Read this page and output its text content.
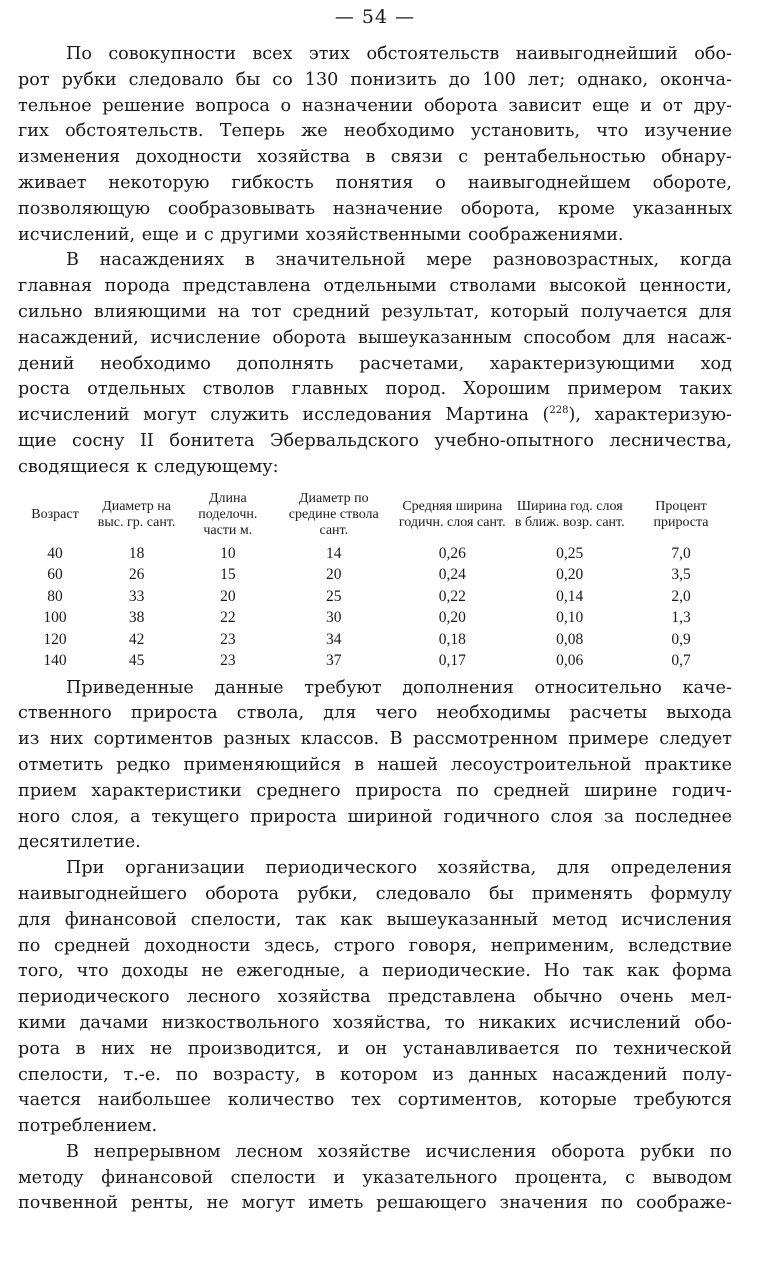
— 54 —

По совокупности всех этих обстоятельств наивыгоднейший обо-
рот рубки следовало бы со 130 понизить до 100 лет; однако, оконча-
тельное решение вопроса о назначении оборота зависит еще и от дру-
гих обстоятельств. Теперь же необходимо установить, что изучение
изменения доходности хозяйства в связи с рентабельностью обнару-
живает некоторую гибкость понятия о наивыгоднейшем обороте,
позволяющую сообразовывать назначение оборота, кроме указанных
исчислений, еще и с другими хозяйственными соображениями.

В насаждениях в значительной мере разновозрастных, когда
главная порода представлена отдельными стволами высокой ценности,
сильно влияющими на тот средний результат, который получается для
насаждений, исчисление оборота вышеуказанным способом для насаж-
дений необходимо дополнять расчетами, характеризующими ход
роста отдельных стволов главных пород. Хорошим примером таких
исчислений могут служить исследования Мартина ($^{228}$), характеризую-
щие сосну II бонитета Эбервальдского учебно-опытного лесничества,
сводящиеся к следующему:

Возраст	Диаметр на выс. гр. сант.	Длина поделочн. части м.	Диаметр по средине ствола сант.	Средняя ширина годичн. слоя сант.	Ширина год. слоя в ближ. возр. сант.	Процент прироста
40	18	10	14	0,26	0,25	7,0
60	26	15	20	0,24	0,20	3,5
80	33	20	25	0,22	0,14	2,0
100	38	22	30	0,20	0,10	1,3
120	42	23	34	0,18	0,08	0,9
140	45	23	37	0,17	0,06	0,7

Приведенные данные требуют дополнения относительно каче-
ственного прироста ствола, для чего необходимы расчеты выхода
из них сортиментов разных классов. В рассмотренном примере следует
отметить редко применяющийся в нашей лесоустроительной практике
прием характеристики среднего прироста по средней ширине годич-
ного слоя, а текущего прироста шириной годичного слоя за последнее
десятилетие.

При организации периодического хозяйства, для определения
наивыгоднейшего оборота рубки, следовало бы применять формулу
для финансовой спелости, так как вышеуказанный метод исчисления
по средней доходности здесь, строго говоря, неприменим, вследствие
того, что доходы не ежегодные, а периодические. Но так как форма
периодического лесного хозяйства представлена обычно очень мел-
кими дачами низкоствольного хозяйства, то никаких исчислений обо-
рота в них не производится, и он устанавливается по технической
спелости, т.-е. по возрасту, в котором из данных насаждений полу-
чается наибольшее количество тех сортиментов, которые требуются
потреблением.

В непрерывном лесном хозяйстве исчисления оборота рубки по
методу финансовой спелости и указательного процента, с выводом
почвенной ренты, не могут иметь решающего значения по соображе-
